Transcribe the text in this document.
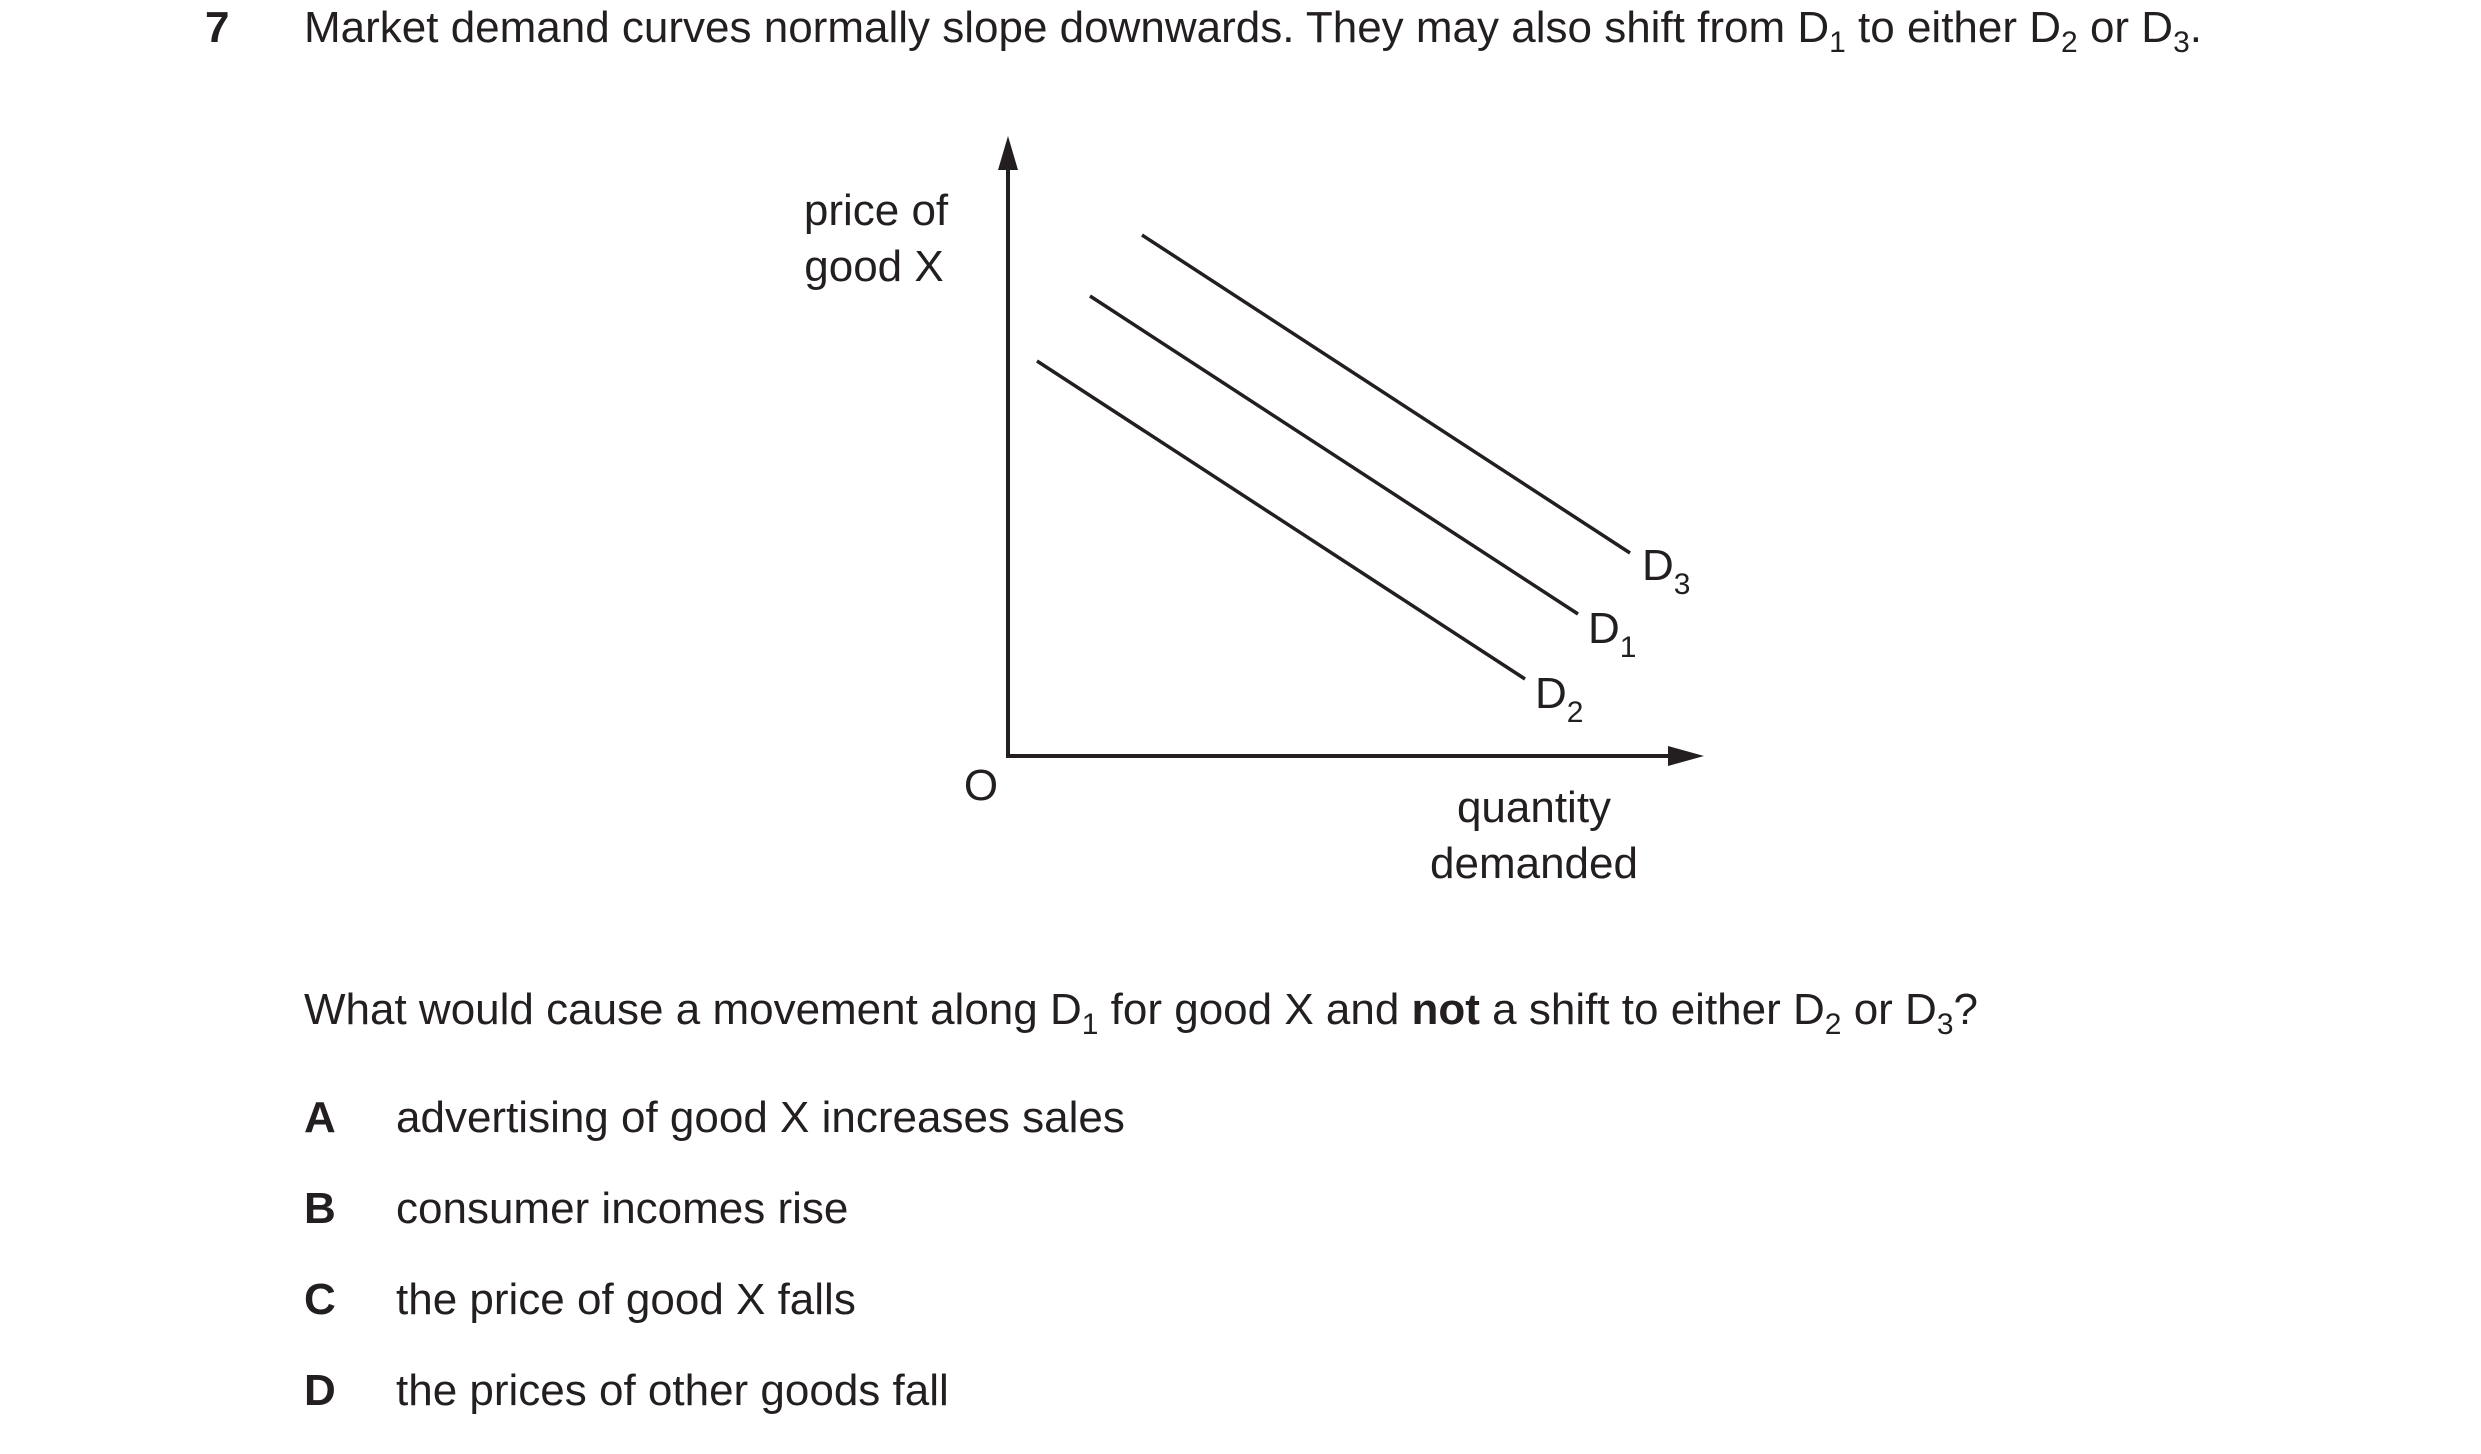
7 Market demand curves normally slope downwards. They may also shift from $D_1$ to either $D_2$ or $D_3$.
price of
good X
O	quantity
demanded
$D_3$
$D_1$
$D_2$
What would cause a movement along $D_1$ for good X and not a shift to either $D_2$ or $D_3$?
A advertising of good X increases sales
B consumer incomes rise
C the price of good X falls
D the prices of other goods fall
